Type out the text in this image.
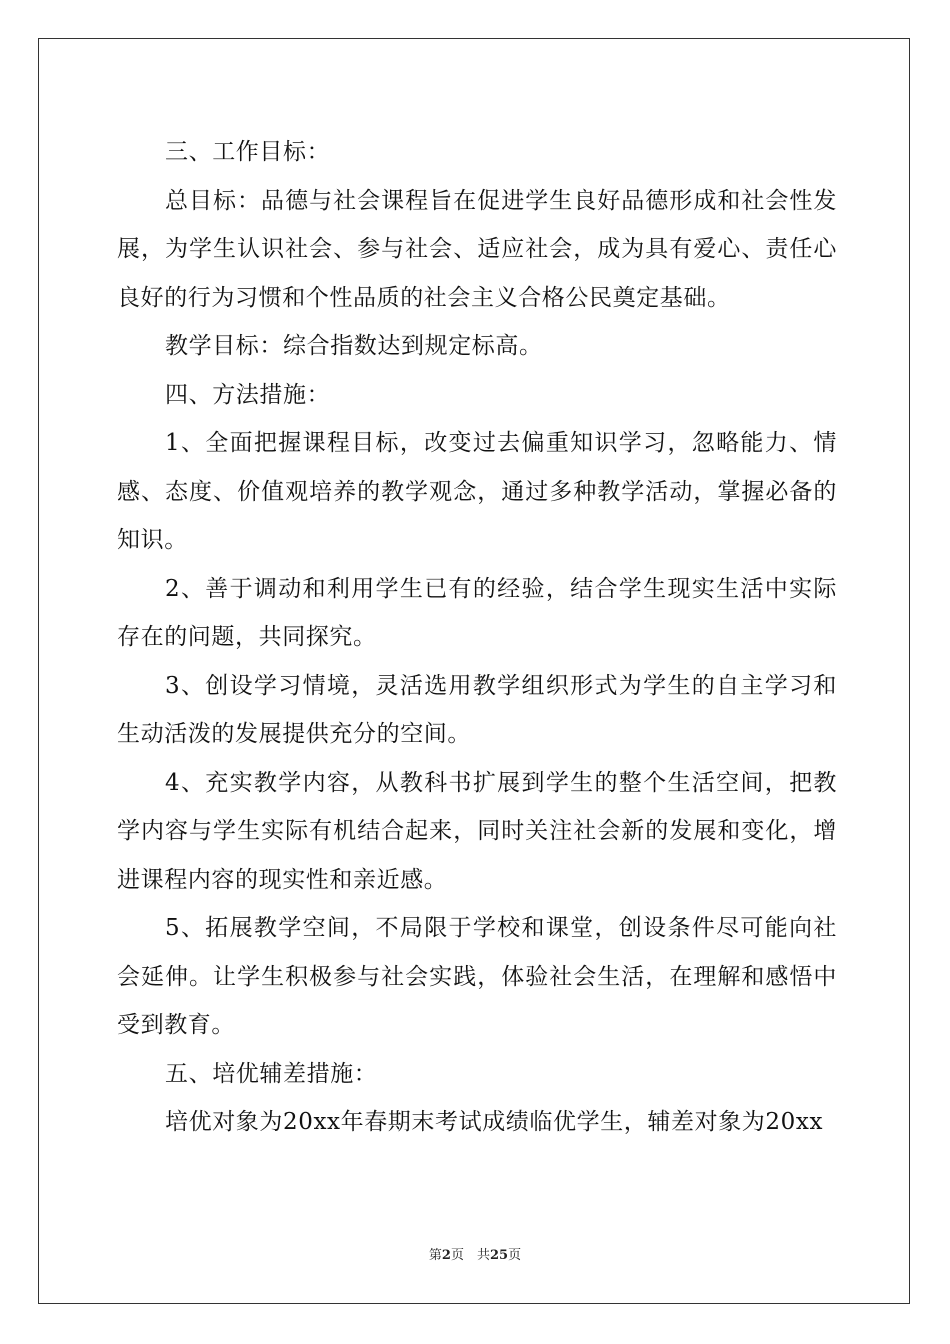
三、工作目标：

总目标：品德与社会课程旨在促进学生良好品德形成和社会性发展，为学生认识社会、参与社会、适应社会，成为具有爱心、责任心良好的行为习惯和个性品质的社会主义合格公民奠定基础。

教学目标：综合指数达到规定标高。

四、方法措施：

1、全面把握课程目标，改变过去偏重知识学习，忽略能力、情感、态度、价值观培养的教学观念，通过多种教学活动，掌握必备的知识。

2、善于调动和利用学生已有的经验，结合学生现实生活中实际存在的问题，共同探究。

3、创设学习情境，灵活选用教学组织形式为学生的自主学习和生动活泼的发展提供充分的空间。

4、充实教学内容，从教科书扩展到学生的整个生活空间，把教学内容与学生实际有机结合起来，同时关注社会新的发展和变化，增进课程内容的现实性和亲近感。

5、拓展教学空间，不局限于学校和课堂，创设条件尽可能向社会延伸。让学生积极参与社会实践，体验社会生活，在理解和感悟中受到教育。

五、培优辅差措施：

培优对象为20xx年春期末考试成绩临优学生，辅差对象为20xx

第2页　共25页
